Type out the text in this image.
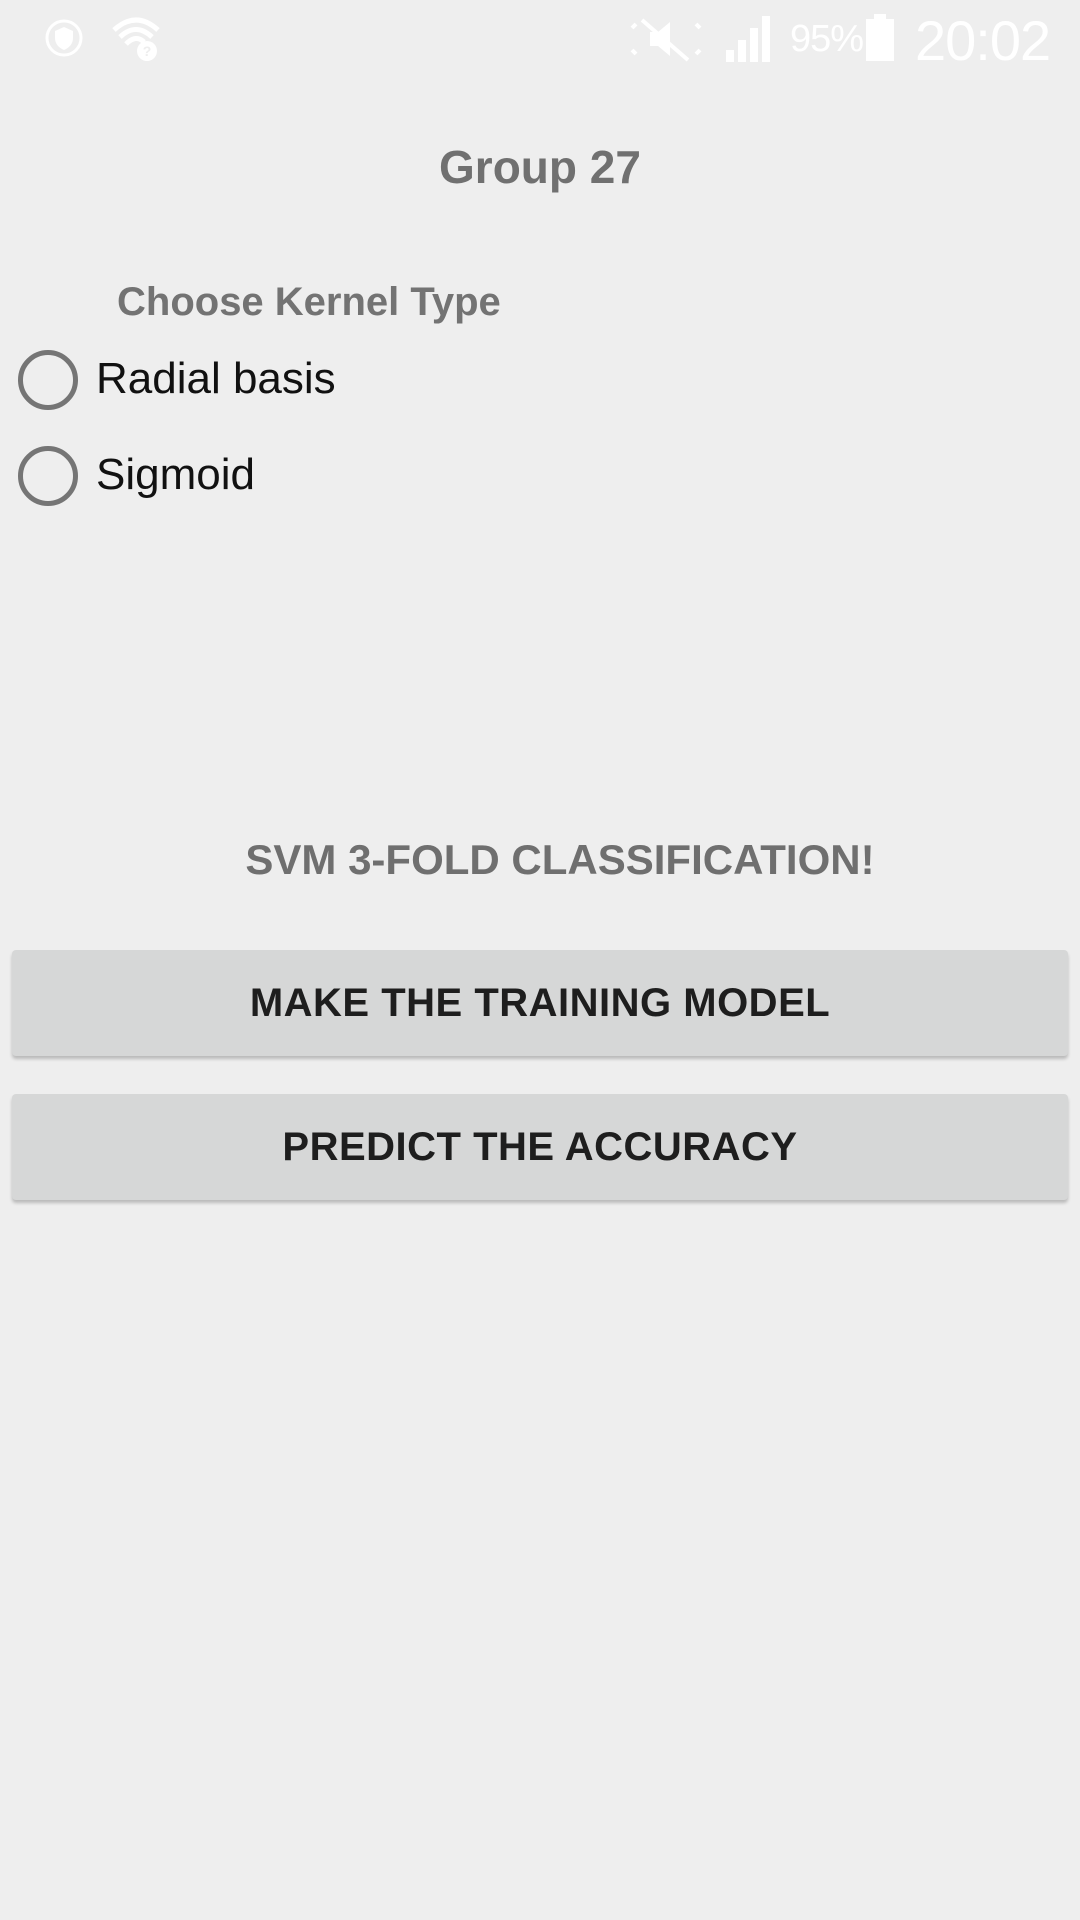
?	95% 20:02
Group 27
Choose Kernel Type
Radial basis
Sigmoid
SVM 3-FOLD CLASSIFICATION!
MAKE THE TRAINING MODEL
PREDICT THE ACCURACY
